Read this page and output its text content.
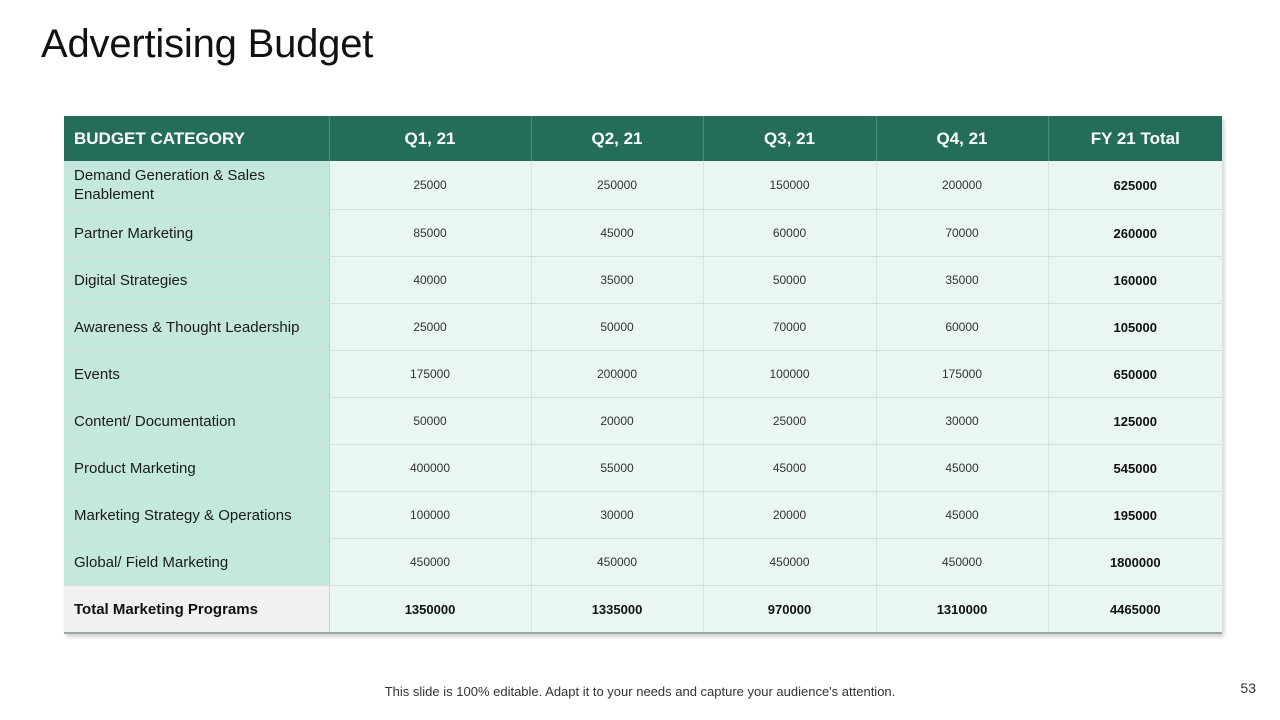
Advertising Budget
BUDGET CATEGORY	Q1, 21	Q2, 21	Q3, 21	Q4, 21	FY 21 Total
Demand Generation & Sales Enablement	25000	250000	150000	200000	625000
Partner Marketing	85000	45000	60000	70000	260000
Digital Strategies	40000	35000	50000	35000	160000
Awareness & Thought Leadership	25000	50000	70000	60000	105000
Events	175000	200000	100000	175000	650000
Content/ Documentation	50000	20000	25000	30000	125000
Product Marketing	400000	55000	45000	45000	545000
Marketing Strategy & Operations	100000	30000	20000	45000	195000
Global/ Field Marketing	450000	450000	450000	450000	1800000
Total Marketing Programs	1350000	1335000	970000	1310000	4465000
This slide is 100% editable. Adapt it to your needs and capture your audience's attention.	53
